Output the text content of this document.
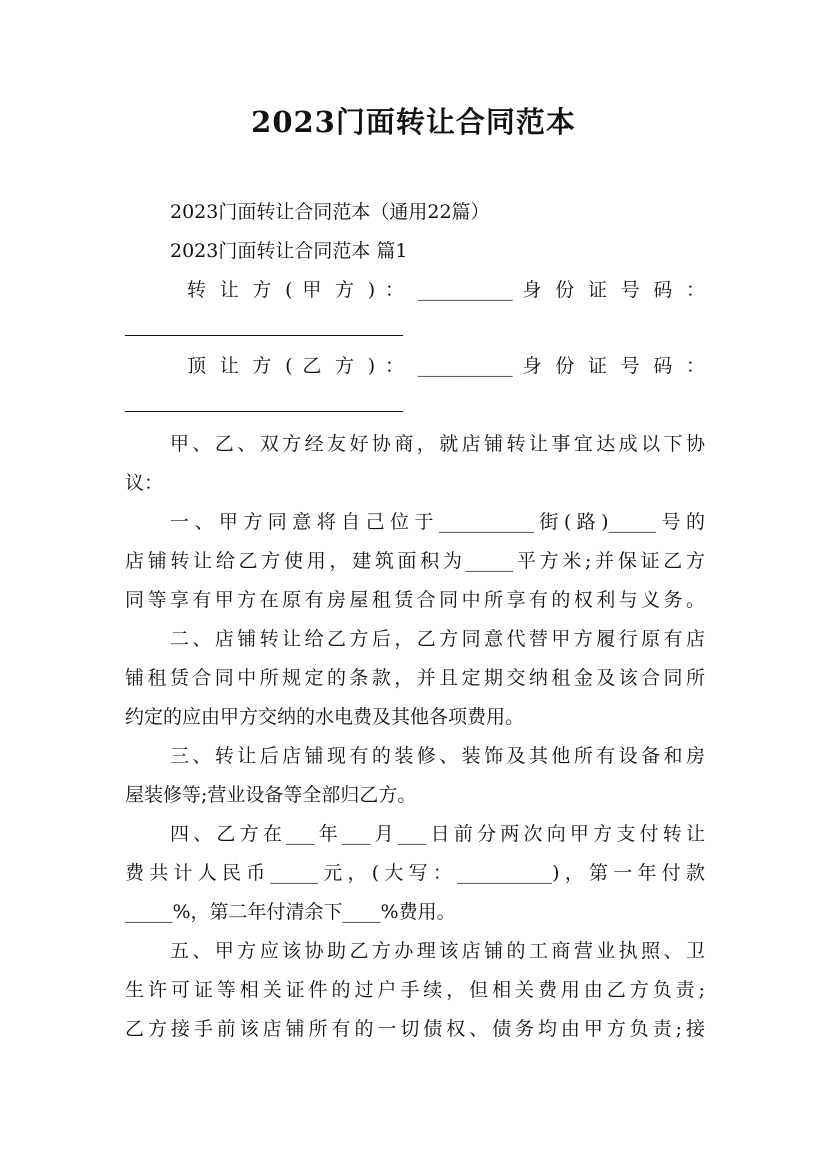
2023门面转让合同范本
2023门面转让合同范本（通用22篇）
2023门面转让合同范本 篇1
转 让 方 ( 甲 方 ) ： __________ 身 份 证 号 码 ：
顶 让 方 ( 乙 方 ) ： __________ 身 份 证 号 码 ：
甲、乙、双方经友好协商，就店铺转让事宜达成以下协
议：
一、甲方同意将自己位于__________街(路)_____号的
店铺转让给乙方使用，建筑面积为_____平方米;并保证乙方
同等享有甲方在原有房屋租赁合同中所享有的权利与义务。
二、店铺转让给乙方后，乙方同意代替甲方履行原有店
铺租赁合同中所规定的条款，并且定期交纳租金及该合同所
约定的应由甲方交纳的水电费及其他各项费用。
三、转让后店铺现有的装修、装饰及其他所有设备和房
屋装修等;营业设备等全部归乙方。
四、乙方在___年___月___日前分两次向甲方支付转让
费共计人民币_____元，(大写：__________)，第一年付款
_____%，第二年付清余下____%费用。
五、甲方应该协助乙方办理该店铺的工商营业执照、卫
生许可证等相关证件的过户手续，但相关费用由乙方负责;
乙方接手前该店铺所有的一切债权、债务均由甲方负责;接
